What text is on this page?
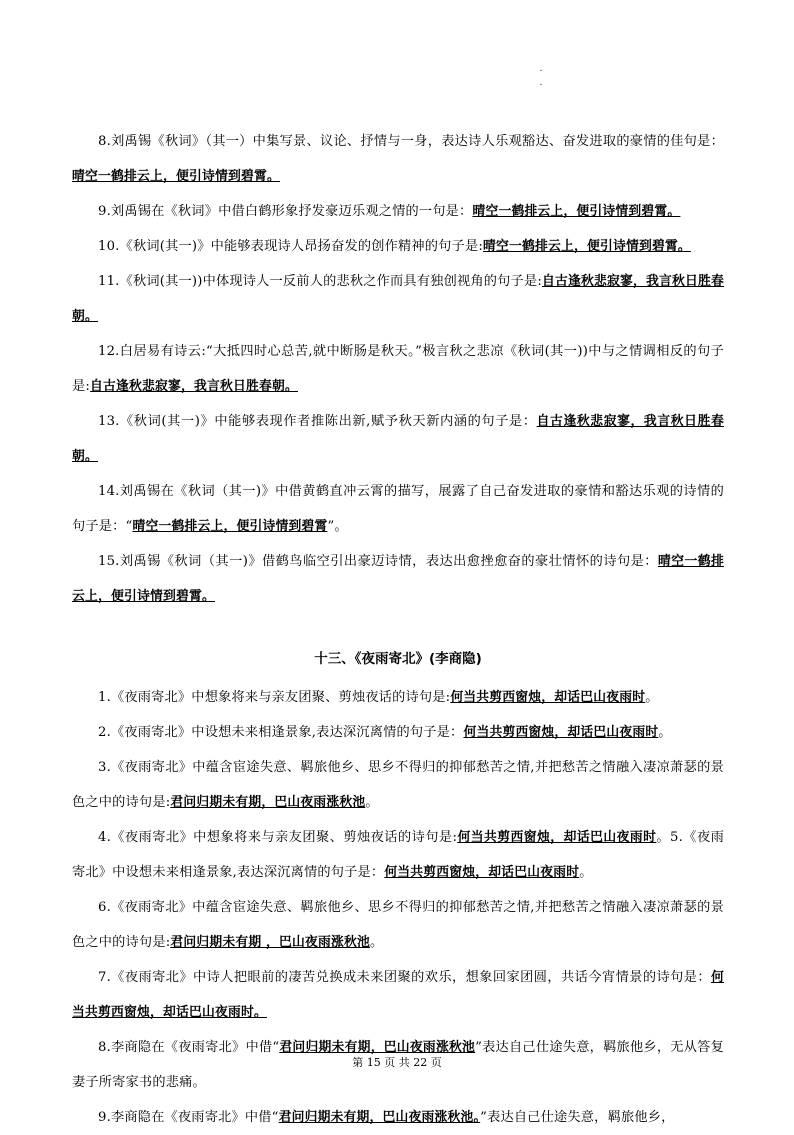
.
.

8.刘禹锡《秋词》（其一）中集写景、议论、抒情与一身，表达诗人乐观豁达、奋发进取的豪情的佳句是：晴空一鹤排云上，便引诗情到碧霄。

9.刘禹锡在《秋词》中借白鹤形象抒发豪迈乐观之情的一句是：晴空一鹤排云上，便引诗情到碧霄。

10.《秋词(其一)》中能够表现诗人昂扬奋发的创作精神的句子是:晴空一鹤排云上，便引诗情到碧霄。

11.《秋词(其一))中体现诗人一反前人的悲秋之作而具有独创视角的句子是:自古逢秋悲寂寥，我言秋日胜春朝。

12.白居易有诗云:“大抵四时心总苦,就中断肠是秋天。”极言秋之悲凉《秋词(其一))中与之情调相反的句子是:自古逢秋悲寂寥，我言秋日胜春朝。

13.《秋词(其一)》中能够表现作者推陈出新,赋予秋天新内涵的句子是：自古逢秋悲寂寥，我言秋日胜春朝。

14.刘禹锡在《秋词（其一)》中借黄鹤直冲云霄的描写，展露了自己奋发进取的豪情和豁达乐观的诗情的句子是：“晴空一鹤排云上，便引诗情到碧霄”。

15.刘禹锡《秋词（其一)》借鹤鸟临空引出豪迈诗情，表达出愈挫愈奋的豪壮情怀的诗句是：晴空一鹤排云上，便引诗情到碧霄。

十三、《夜雨寄北》(李商隐)

1.《夜雨寄北》中想象将来与亲友团聚、剪烛夜话的诗句是:何当共剪西窗烛，却话巴山夜雨时。

2.《夜雨寄北》中设想未来相逢景象,表达深沉离情的句子是：何当共剪西窗烛，却话巴山夜雨时。

3.《夜雨寄北》中蕴含宦途失意、羁旅他乡、思乡不得归的抑郁愁苦之情,并把愁苦之情融入凄凉萧瑟的景色之中的诗句是:君问归期未有期，巴山夜雨涨秋池。

4.《夜雨寄北》中想象将来与亲友团聚、剪烛夜话的诗句是:何当共剪西窗烛，却话巴山夜雨时。5.《夜雨寄北》中设想未来相逢景象,表达深沉离情的句子是：何当共剪西窗烛，却话巴山夜雨时。

6.《夜雨寄北》中蕴含宦途失意、羁旅他乡、思乡不得归的抑郁愁苦之情,并把愁苦之情融入凄凉萧瑟的景色之中的诗句是:君问归期未有期 ，巴山夜雨涨秋池。

7.《夜雨寄北》中诗人把眼前的凄苦兑换成未来团聚的欢乐，想象回家团圆，共话今宵情景的诗句是：何当共剪西窗烛，却话巴山夜雨时。

8.李商隐在《夜雨寄北》中借“君问归期未有期，巴山夜雨涨秋池”表达自己仕途失意，羁旅他乡，无从答复妻子所寄家书的悲痛。

9.李商隐在《夜雨寄北》中借“君问归期未有期，巴山夜雨涨秋池。”表达自己仕途失意，羁旅他乡，

第 15 页 共 22 页
